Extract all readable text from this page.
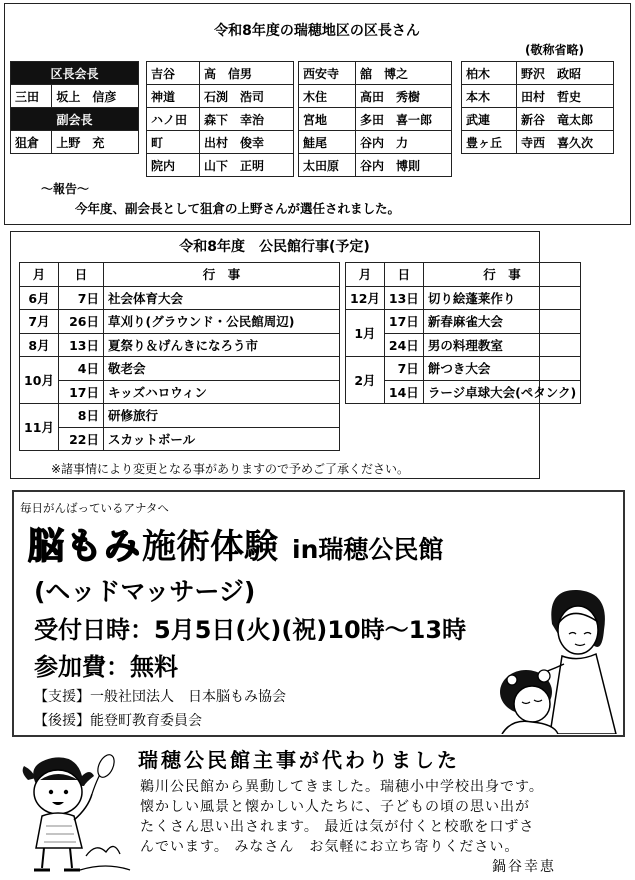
令和8年度の瑞穂地区の区長さん
(敬称省略)
区長会長	
三田	坂上　信彦
副会長	
狙倉	上野　充
吉谷	高　信男
神道	石渕　浩司
ハノ田	森下　幸治
町	出村　俊幸
院内	山下　正明
西安寺	舘　博之
木住	高田　秀樹
宮地	多田　喜一郎
鮭尾	谷内　力
太田原	谷内　博則
柏木	野沢　政昭
本木	田村　哲史
武連	新谷　竜太郎
豊ヶ丘	寺西　喜久次
～報告～
今年度、副会長として狙倉の上野さんが選任されました。
令和8年度　公民館行事(予定)
月	日	行　事
6月	7日	社会体育大会
7月	26日	草刈り(グラウンド・公民館周辺)
8月	13日	夏祭り＆げんきになろう市
10月	4日	敬老会
	17日	キッズハロウィン
11月	8日	研修旅行
	22日	スカットボール
月	日	行　事
12月	13日	切り絵蓬莱作り
1月	17日	新春麻雀大会
	24日	男の料理教室
2月	7日	餅つき大会
	14日	ラージ卓球大会(ペタンク)
※諸事情により変更となる事がありますので予めご了承ください。
毎日がんばっているアナタへ
脳もみ施術体験 in瑞穂公民館
(ヘッドマッサージ)
受付日時：5月5日(火)(祝)10時～13時
参加費：無料
【支援】一般社団法人　日本脳もみ協会
【後援】能登町教育委員会
瑞穂公民館主事が代わりました
鵜川公民館から異動してきました。瑞穂小中学校出身です。
懐かしい風景と懐かしい人たちに、子どもの頃の思い出が
たくさん思い出されます。 最近は気が付くと校歌を口ずさ
んでいます。 みなさん　お気軽にお立ち寄りください。
鍋谷幸恵
